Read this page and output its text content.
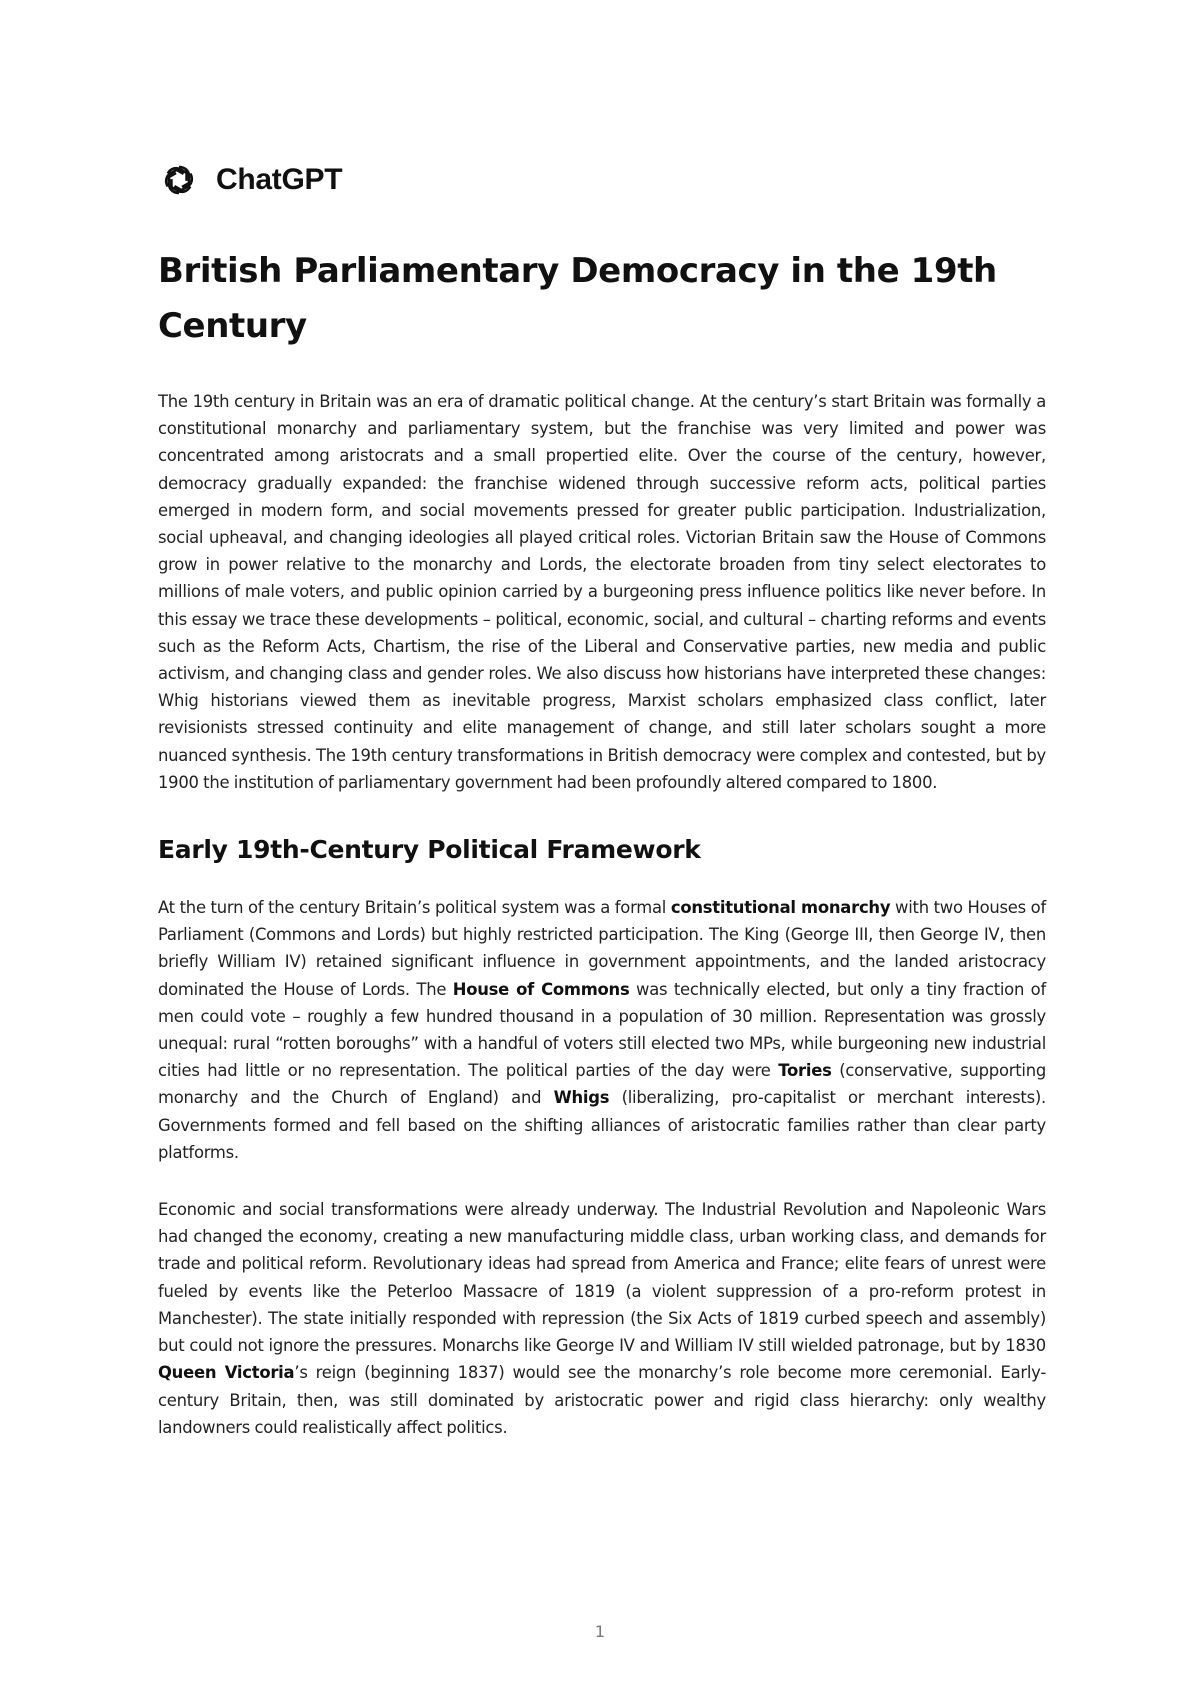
ChatGPT
British Parliamentary Democracy in the 19th Century

The 19th century in Britain was an era of dramatic political change. At the century’s start Britain was formally a constitutional monarchy and parliamentary system, but the franchise was very limited and power was concentrated among aristocrats and a small propertied elite. Over the course of the century, however, democracy gradually expanded: the franchise widened through successive reform acts, political parties emerged in modern form, and social movements pressed for greater public participation. Industrialization, social upheaval, and changing ideologies all played critical roles. Victorian Britain saw the House of Commons grow in power relative to the monarchy and Lords, the electorate broaden from tiny select electorates to millions of male voters, and public opinion carried by a burgeoning press influence politics like never before. In this essay we trace these developments – political, economic, social, and cultural – charting reforms and events such as the Reform Acts, Chartism, the rise of the Liberal and Conservative parties, new media and public activism, and changing class and gender roles. We also discuss how historians have interpreted these changes: Whig historians viewed them as inevitable progress, Marxist scholars emphasized class conflict, later revisionists stressed continuity and elite management of change, and still later scholars sought a more nuanced synthesis. The 19th century transformations in British democracy were complex and contested, but by 1900 the institution of parliamentary government had been profoundly altered compared to 1800.

Early 19th-Century Political Framework

At the turn of the century Britain’s political system was a formal constitutional monarchy with two Houses of Parliament (Commons and Lords) but highly restricted participation. The King (George III, then George IV, then briefly William IV) retained significant influence in government appointments, and the landed aristocracy dominated the House of Lords. The House of Commons was technically elected, but only a tiny fraction of men could vote – roughly a few hundred thousand in a population of 30 million. Representation was grossly unequal: rural “rotten boroughs” with a handful of voters still elected two MPs, while burgeoning new industrial cities had little or no representation. The political parties of the day were Tories (conservative, supporting monarchy and the Church of England) and Whigs (liberalizing, pro-capitalist or merchant interests). Governments formed and fell based on the shifting alliances of aristocratic families rather than clear party platforms.

Economic and social transformations were already underway. The Industrial Revolution and Napoleonic Wars had changed the economy, creating a new manufacturing middle class, urban working class, and demands for trade and political reform. Revolutionary ideas had spread from America and France; elite fears of unrest were fueled by events like the Peterloo Massacre of 1819 (a violent suppression of a pro-reform protest in Manchester). The state initially responded with repression (the Six Acts of 1819 curbed speech and assembly) but could not ignore the pressures. Monarchs like George IV and William IV still wielded patronage, but by 1830 Queen Victoria’s reign (beginning 1837) would see the monarchy’s role become more ceremonial. Early-century Britain, then, was still dominated by aristocratic power and rigid class hierarchy: only wealthy landowners could realistically affect politics.

1
